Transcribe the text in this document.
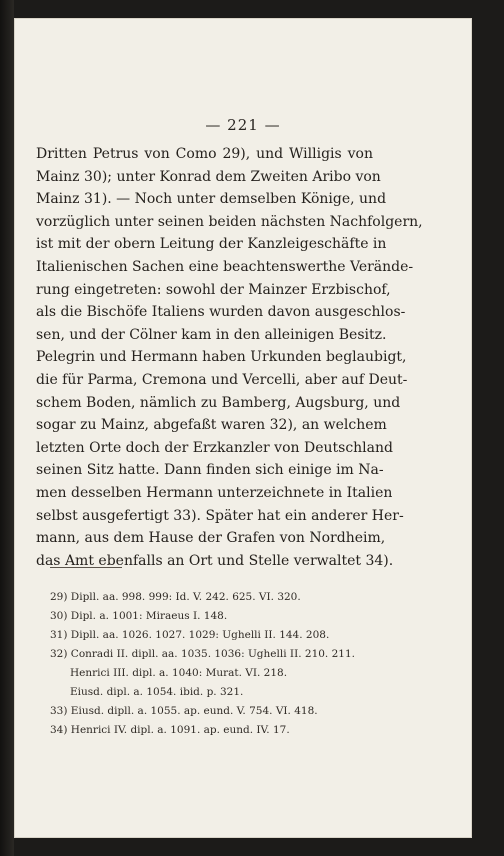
— 221 —
Dritten Petrus von Como 29), und Willigis von
Mainz 30); unter Konrad dem Zweiten Aribo von
Mainz 31). — Noch unter demselben Könige, und
vorzüglich unter seinen beiden nächsten Nachfolgern,
ist mit der obern Leitung der Kanzleigeschäfte in
Italienischen Sachen eine beachtenswerthe Verände-
rung eingetreten: sowohl der Mainzer Erzbischof,
als die Bischöfe Italiens wurden davon ausgeschlos-
sen, und der Cölner kam in den alleinigen Besitz.
Pelegrin und Hermann haben Urkunden beglaubigt,
die für Parma, Cremona und Vercelli, aber auf Deut-
schem Boden, nämlich zu Bamberg, Augsburg, und
sogar zu Mainz, abgefaßt waren 32), an welchem
letzten Orte doch der Erzkanzler von Deutschland
seinen Sitz hatte. Dann finden sich einige im Na-
men desselben Hermann unterzeichnete in Italien
selbst ausgefertigt 33). Später hat ein anderer Her-
mann, aus dem Hause der Grafen von Nordheim,
das Amt ebenfalls an Ort und Stelle verwaltet 34).
29) Dipll. aa. 998. 999: Id. V. 242. 625. VI. 320.
30) Dipl. a. 1001: Miraeus I. 148.
31) Dipll. aa. 1026. 1027. 1029: Ughelli II. 144. 208.
32) Conradi II. dipll. aa. 1035. 1036: Ughelli II. 210. 211.
Henrici III. dipl. a. 1040: Murat. VI. 218.
Eiusd. dipl. a. 1054. ibid. p. 321.
33) Eiusd. dipll. a. 1055. ap. eund. V. 754. VI. 418.
34) Henrici IV. dipl. a. 1091. ap. eund. IV. 17.
